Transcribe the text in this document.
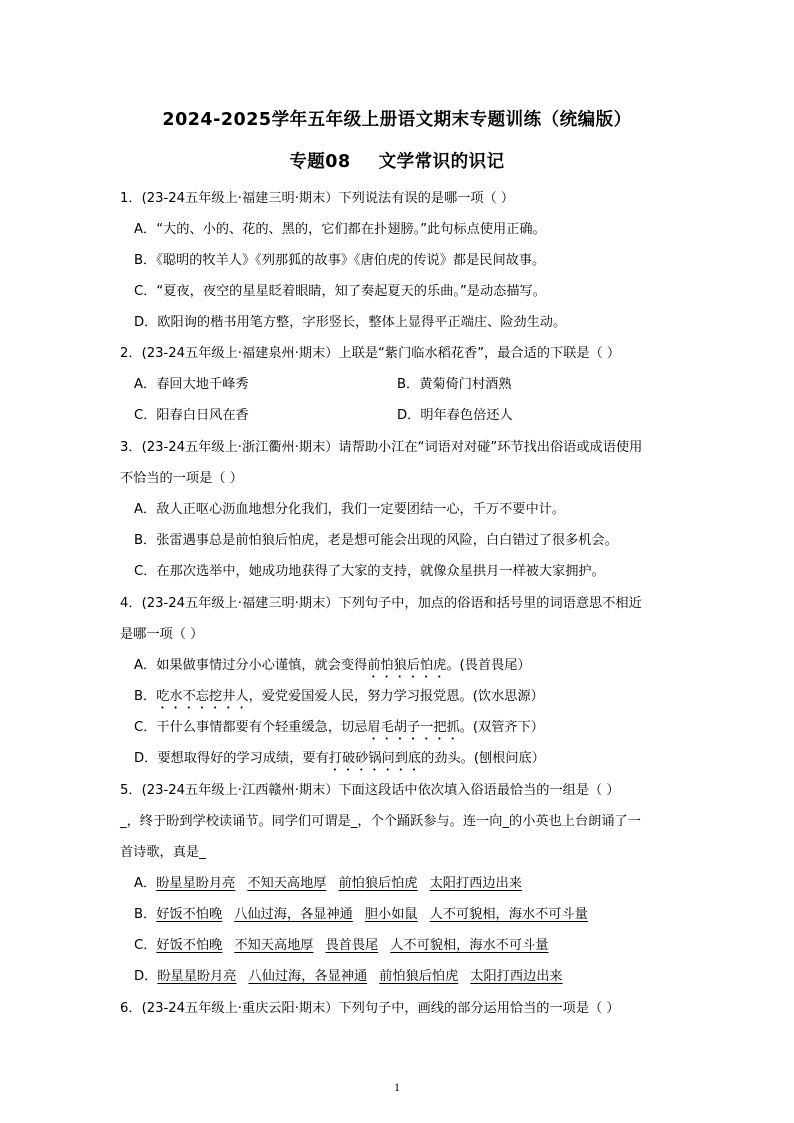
2024-2025学年五年级上册语文期末专题训练（统编版）
专题08 文学常识的识记
1．(23-24五年级上·福建三明·期末）下列说法有误的是哪一项（ ）
A．“大的、小的、花的、黑的，它们都在扑翅膀。”此句标点使用正确。
B．《聪明的牧羊人》《列那狐的故事》《唐伯虎的传说》都是民间故事。
C．“夏夜，夜空的星星眨着眼睛，知了奏起夏天的乐曲。”是动态描写。
D．欧阳询的楷书用笔方整，字形竖长，整体上显得平正端庄、险劲生动。
2．(23-24五年级上·福建泉州·期末）上联是“紫门临水稻花香”，最合适的下联是（ ）
A．春回大地千峰秀	B．黄菊倚门村酒熟
C．阳春白日风在香	D．明年春色倍还人
3．(23-24五年级上·浙江衢州·期末）请帮助小江在“词语对对碰”环节找出俗语或成语使用
不恰当的一项是（ ）
A．敌人正呕心沥血地想分化我们，我们一定要团结一心，千万不要中计。
B．张雷遇事总是前怕狼后怕虎，老是想可能会出现的风险，白白错过了很多机会。
C．在那次选举中，她成功地获得了大家的支持，就像众星拱月一样被大家拥护。
4．(23-24五年级上·福建三明·期末）下列句子中，加点的俗语和括号里的词语意思不相近
是哪一项（ ）
A．如果做事情过分小心谨慎，就会变得前怕狼后怕虎。(畏首畏尾）
B．吃水不忘挖井人，爱党爱国爱人民，努力学习报党恩。(饮水思源）
C．干什么事情都要有个轻重缓急，切忌眉毛胡子一把抓。(双管齐下）
D．要想取得好的学习成绩，要有打破砂锅问到底的劲头。(刨根问底）
5．(23-24五年级上·江西赣州·期末）下面这段话中依次填入俗语最恰当的一组是（ ）
_，终于盼到学校读诵节。同学们可谓是_，个个踊跃参与。连一向_的小英也上台朗诵了一
首诗歌，真是_
A．盼星星盼月亮 不知天高地厚 前怕狼后怕虎 太阳打西边出来
B．好饭不怕晚 八仙过海，各显神通 胆小如鼠 人不可貌相，海水不可斗量
C．好饭不怕晚 不知天高地厚 畏首畏尾 人不可貌相，海水不可斗量
D．盼星星盼月亮 八仙过海，各显神通 前怕狼后怕虎 太阳打西边出来
6．(23-24五年级上·重庆云阳·期末）下列句子中，画线的部分运用恰当的一项是（ ）
1
